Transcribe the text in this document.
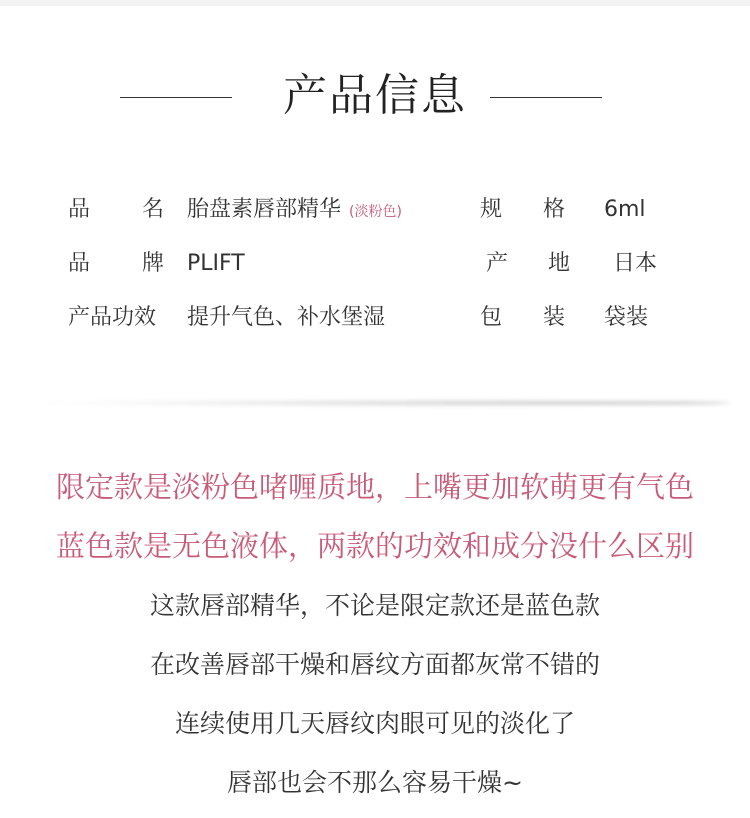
产品信息
品 名 胎盘素唇部精华 (淡粉色)	规 格 6ml
品 牌 PLIFT	产 地 日本
产品功效 提升气色、补水堡湿	包 装 袋装
限定款是淡粉色啫喱质地，上嘴更加软萌更有气色
蓝色款是无色液体，两款的功效和成分没什么区别
这款唇部精华，不论是限定款还是蓝色款
在改善唇部干燥和唇纹方面都灰常不错的
连续使用几天唇纹肉眼可见的淡化了
唇部也会不那么容易干燥~
